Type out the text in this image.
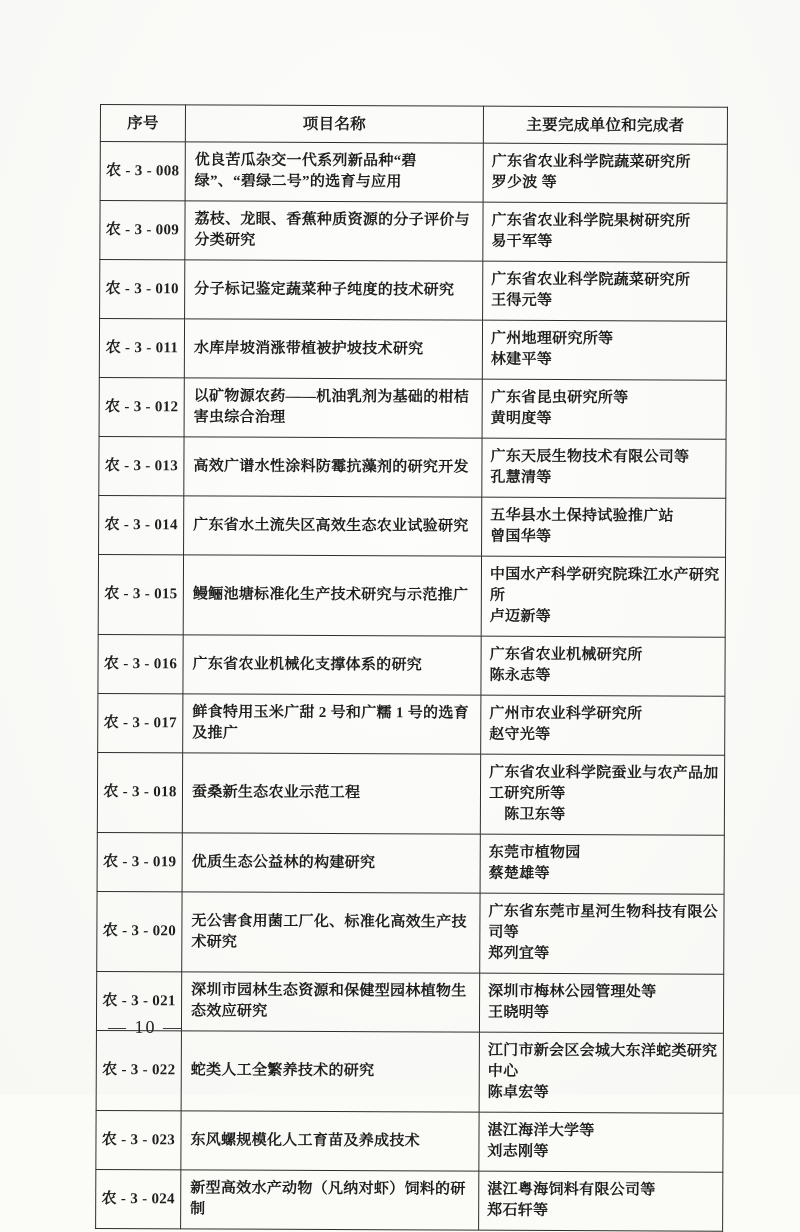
序号	项目名称	主要完成单位和完成者
农 - 3 - 008	优良苦瓜杂交一代系列新品种“碧绿”、“碧绿二号”的选育与应用	广东省农业科学院蔬菜研究所
罗少波 等

农 - 3 - 009	荔枝、龙眼、香蕉种质资源的分子评价与分类研究	广东省农业科学院果树研究所
易干军等

农 - 3 - 010	分子标记鉴定蔬菜种子纯度的技术研究	广东省农业科学院蔬菜研究所
王得元等

农 - 3 - 011	水库岸坡消涨带植被护坡技术研究	广州地理研究所等
林建平等

农 - 3 - 012	以矿物源农药——机油乳剂为基础的柑桔害虫综合治理	广东省昆虫研究所等
黄明度等

农 - 3 - 013	高效广谱水性涂料防霉抗藻剂的研究开发	广东天辰生物技术有限公司等
孔慧清等

农 - 3 - 014	广东省水土流失区高效生态农业试验研究	五华县水土保持试验推广站
曾国华等

农 - 3 - 015	鳗鲡池塘标准化生产技术研究与示范推广	中国水产科学研究院珠江水产研究所
卢迈新等

农 - 3 - 016	广东省农业机械化支撑体系的研究	广东省农业机械研究所
陈永志等

农 - 3 - 017	鲜食特用玉米广甜 2 号和广糯 1 号的选育及推广	广州市农业科学研究所
赵守光等

农 - 3 - 018	蚕桑新生态农业示范工程	广东省农业科学院蚕业与农产品加工研究所等
　陈卫东等

农 - 3 - 019	优质生态公益林的构建研究	东莞市植物园
蔡楚雄等

农 - 3 - 020	无公害食用菌工厂化、标准化高效生产技术研究	广东省东莞市星河生物科技有限公司等
郑列宜等

农 - 3 - 021	深圳市园林生态资源和保健型园林植物生态效应研究	深圳市梅林公园管理处等
王晓明等

农 - 3 - 022	蛇类人工全繁养技术的研究	江门市新会区会城大东洋蛇类研究中心
陈卓宏等

农 - 3 - 023	东风螺规模化人工育苗及养成技术	湛江海洋大学等
刘志刚等

农 - 3 - 024	新型高效水产动物（凡纳对虾）饲料的研制	湛江粤海饲料有限公司等
郑石轩等
— 10 —
